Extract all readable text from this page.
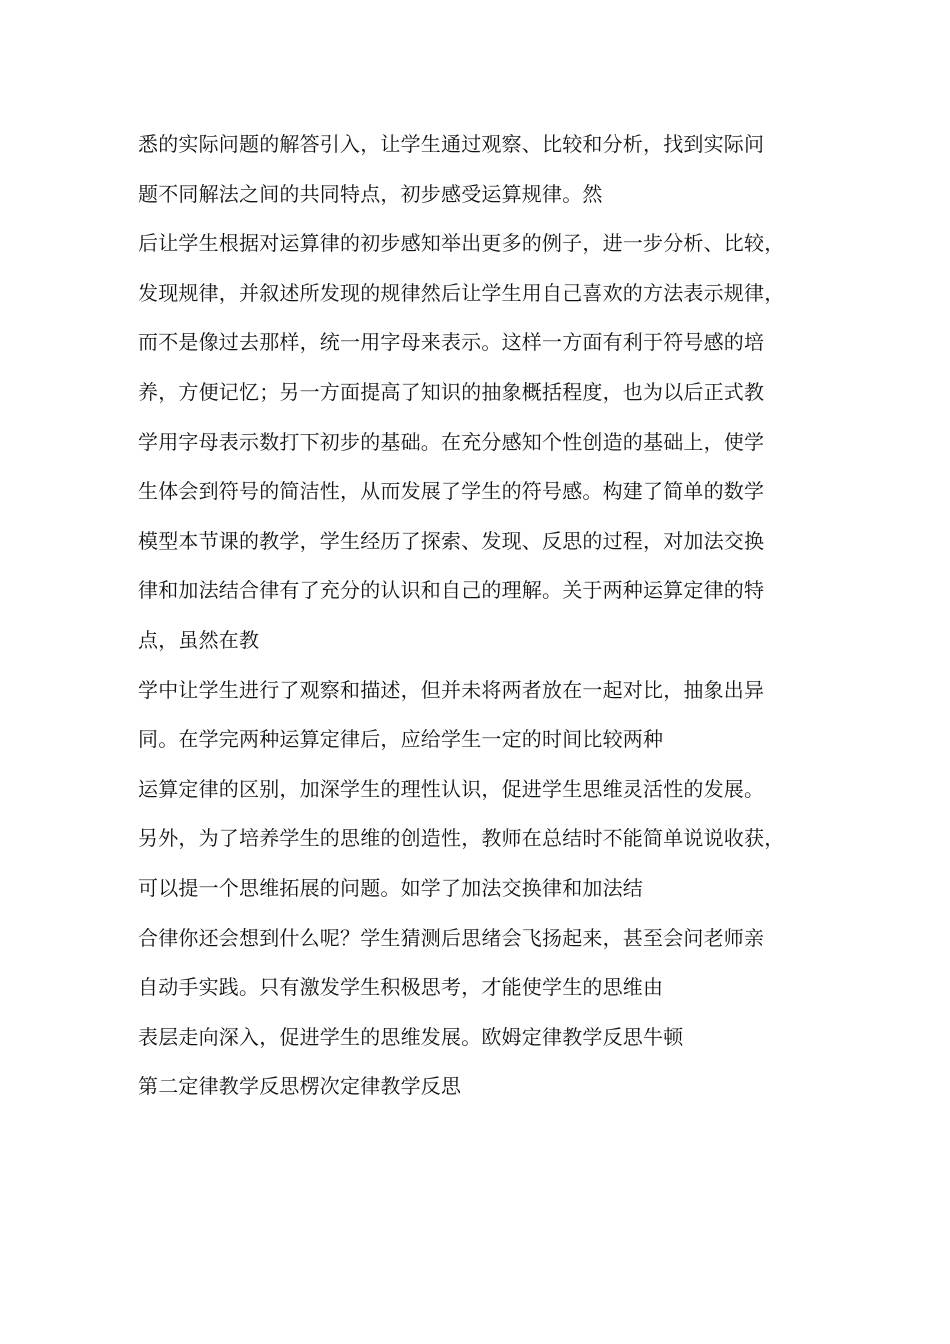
悉的实际问题的解答引入，让学生通过观察、比较和分析，找到实际问
题不同解法之间的共同特点，初步感受运算规律。然
后让学生根据对运算律的初步感知举出更多的例子，进一步分析、比较，
发现规律，并叙述所发现的规律然后让学生用自己喜欢的方法表示规律，
而不是像过去那样，统一用字母来表示。这样一方面有利于符号感的培
养，方便记忆；另一方面提高了知识的抽象概括程度，也为以后正式教
学用字母表示数打下初步的基础。在充分感知个性创造的基础上，使学
生体会到符号的简洁性，从而发展了学生的符号感。构建了简单的数学
模型本节课的教学，学生经历了探索、发现、反思的过程，对加法交换
律和加法结合律有了充分的认识和自己的理解。关于两种运算定律的特
点，虽然在教
学中让学生进行了观察和描述，但并未将两者放在一起对比，抽象出异
同。在学完两种运算定律后，应给学生一定的时间比较两种
运算定律的区别，加深学生的理性认识，促进学生思维灵活性的发展。
另外，为了培养学生的思维的创造性，教师在总结时不能简单说说收获，
可以提一个思维拓展的问题。如学了加法交换律和加法结
合律你还会想到什么呢？学生猜测后思绪会飞扬起来，甚至会问老师亲
自动手实践。只有激发学生积极思考，才能使学生的思维由
表层走向深入，促进学生的思维发展。欧姆定律教学反思牛顿
第二定律教学反思楞次定律教学反思
